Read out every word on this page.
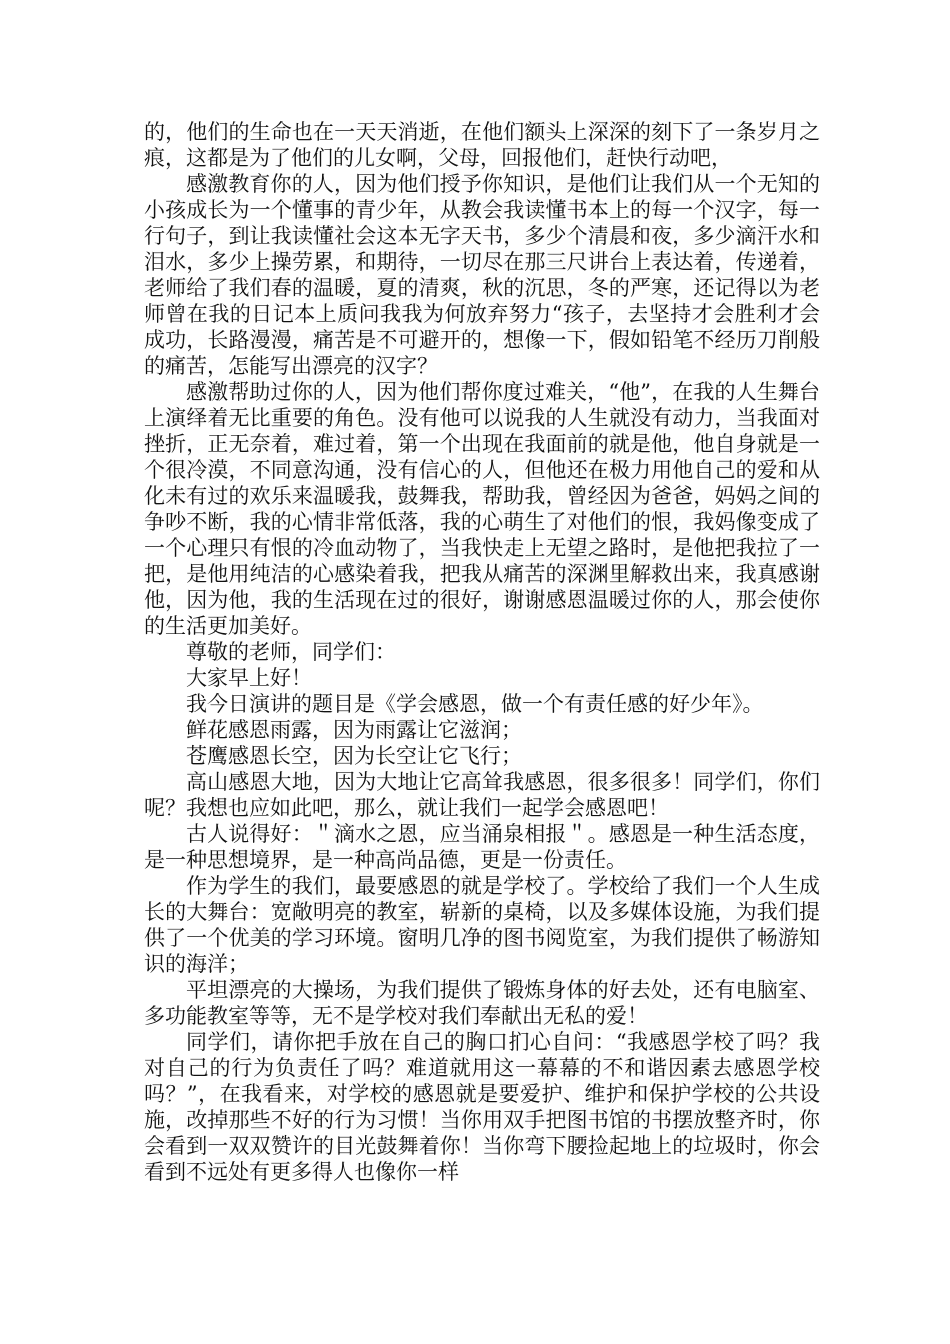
的，他们的生命也在一天天消逝，在他们额头上深深的刻下了一条岁月之痕，这都是为了他们的儿女啊，父母，回报他们，赶快行动吧，

感激教育你的人，因为他们授予你知识，是他们让我们从一个无知的小孩成长为一个懂事的青少年，从教会我读懂书本上的每一个汉字，每一行句子，到让我读懂社会这本无字天书，多少个清晨和夜，多少滴汗水和泪水，多少上操劳累，和期待，一切尽在那三尺讲台上表达着，传递着，老师给了我们春的温暖，夏的清爽，秋的沉思，冬的严寒，还记得以为老师曾在我的日记本上质问我我为何放弃努力“孩子，去坚持才会胜利才会成功，长路漫漫，痛苦是不可避开的，想像一下，假如铅笔不经历刀削般的痛苦，怎能写出漂亮的汉字？

感激帮助过你的人，因为他们帮你度过难关，“他”，在我的人生舞台上演绎着无比重要的角色。没有他可以说我的人生就没有动力，当我面对挫折，正无奈着，难过着，第一个出现在我面前的就是他，他自身就是一个很冷漠，不同意沟通，没有信心的人，但他还在极力用他自己的爱和从化未有过的欢乐来温暖我，鼓舞我，帮助我，曾经因为爸爸，妈妈之间的争吵不断，我的心情非常低落，我的心萌生了对他们的恨，我妈像变成了一个心理只有恨的冷血动物了，当我快走上无望之路时，是他把我拉了一把，是他用纯洁的心感染着我，把我从痛苦的深渊里解救出来，我真感谢他，因为他，我的生活现在过的很好，谢谢感恩温暖过你的人，那会使你的生活更加美好。

尊敬的老师，同学们：

大家早上好！

我今日演讲的题目是《学会感恩，做一个有责任感的好少年》。

鲜花感恩雨露，因为雨露让它滋润；

苍鹰感恩长空，因为长空让它飞行；

高山感恩大地，因为大地让它高耸我感恩，很多很多！同学们，你们呢？我想也应如此吧，那么，就让我们一起学会感恩吧！

古人说得好：＂滴水之恩，应当涌泉相报＂。感恩是一种生活态度，是一种思想境界，是一种高尚品德，更是一份责任。

作为学生的我们，最要感恩的就是学校了。学校给了我们一个人生成长的大舞台：宽敞明亮的教室，崭新的桌椅，以及多媒体设施，为我们提供了一个优美的学习环境。窗明几净的图书阅览室，为我们提供了畅游知识的海洋；

平坦漂亮的大操场，为我们提供了锻炼身体的好去处，还有电脑室、多功能教室等等，无不是学校对我们奉献出无私的爱！

同学们，请你把手放在自己的胸口扪心自问：“我感恩学校了吗？我对自己的行为负责任了吗？难道就用这一幕幕的不和谐因素去感恩学校吗？”，在我看来，对学校的感恩就是要爱护、维护和保护学校的公共设施，改掉那些不好的行为习惯！当你用双手把图书馆的书摆放整齐时，你会看到一双双赞许的目光鼓舞着你！当你弯下腰捡起地上的垃圾时，你会看到不远处有更多得人也像你一样
